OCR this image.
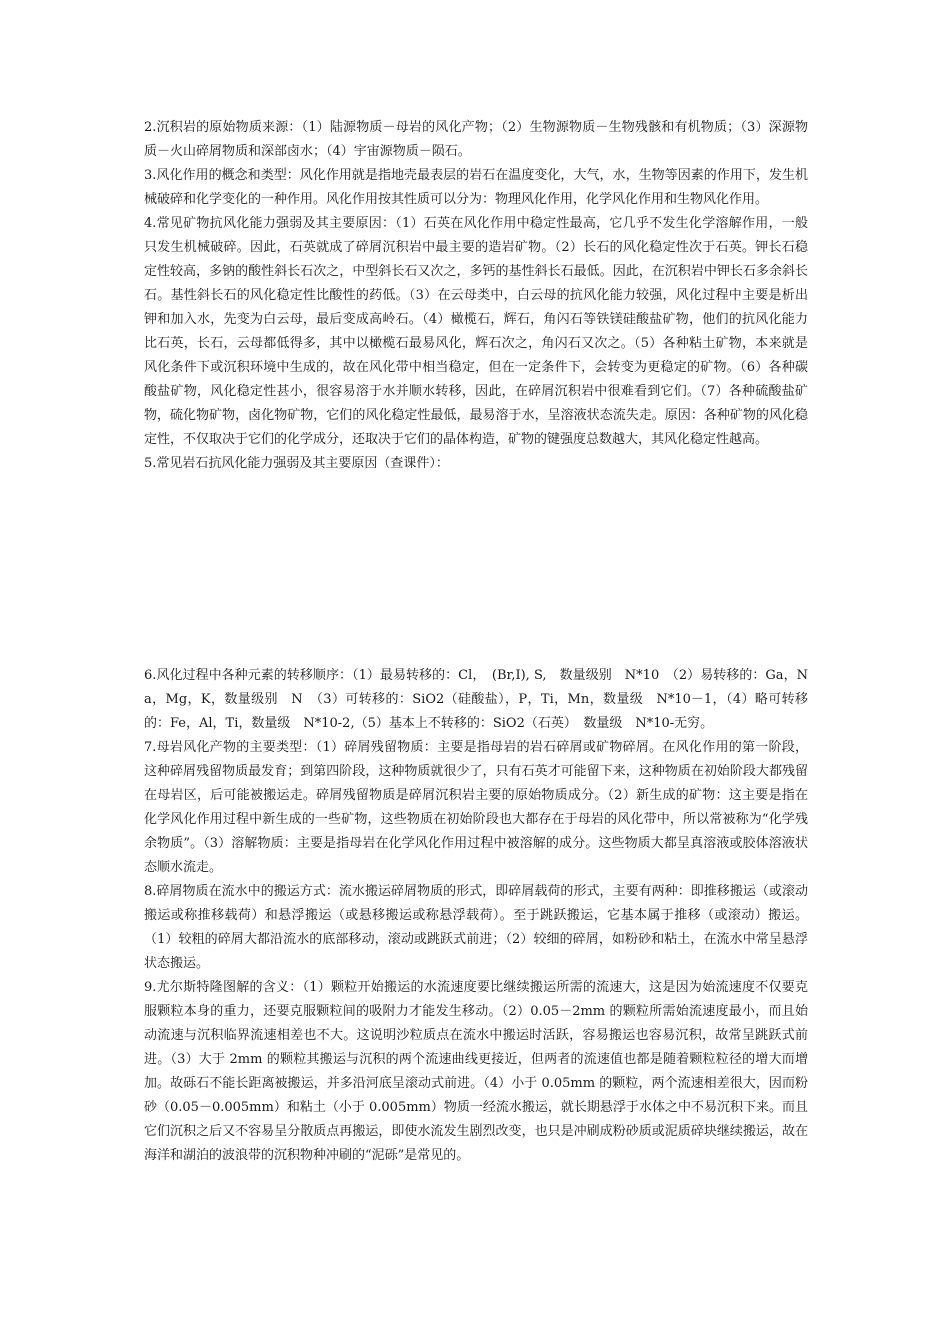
2.沉积岩的原始物质来源：（1）陆源物质－母岩的风化产物；（2）生物源物质－生物残骸和有机物质；（3）深源物质－火山碎屑物质和深部卤水；（4）宇宙源物质－陨石。

3.风化作用的概念和类型：风化作用就是指地壳最表层的岩石在温度变化，大气，水，生物等因素的作用下，发生机械破碎和化学变化的一种作用。风化作用按其性质可以分为：物理风化作用，化学风化作用和生物风化作用。

4.常见矿物抗风化能力强弱及其主要原因：（1）石英在风化作用中稳定性最高，它几乎不发生化学溶解作用，一般只发生机械破碎。因此，石英就成了碎屑沉积岩中最主要的造岩矿物。（2）长石的风化稳定性次于石英。钾长石稳定性较高，多钠的酸性斜长石次之，中型斜长石又次之，多钙的基性斜长石最低。因此，在沉积岩中钾长石多余斜长石。基性斜长石的风化稳定性比酸性的药低。（3）在云母类中，白云母的抗风化能力较强，风化过程中主要是析出钾和加入水，先变为白云母，最后变成高岭石。（4）橄榄石，辉石，角闪石等铁镁硅酸盐矿物，他们的抗风化能力比石英，长石，云母都低得多，其中以橄榄石最易风化，辉石次之，角闪石又次之。（5）各种粘土矿物，本来就是风化条件下或沉积环境中生成的，故在风化带中相当稳定，但在一定条件下，会转变为更稳定的矿物。（6）各种碳酸盐矿物，风化稳定性甚小，很容易溶于水并顺水转移，因此，在碎屑沉积岩中很难看到它们。（7）各种硫酸盐矿物，硫化物矿物，卤化物矿物，它们的风化稳定性最低，最易溶于水，呈溶液状态流失走。原因：各种矿物的风化稳定性，不仅取决于它们的化学成分，还取决于它们的晶体构造，矿物的键强度总数越大，其风化稳定性越高。

5.常见岩石抗风化能力强弱及其主要原因（查课件）：

6.风化过程中各种元素的转移顺序：（1）最易转移的：Cl，　(Br,I), S,　数量级别　N*10　（2）易转移的：Ga，Na，Mg，K，数量级别　N　（3）可转移的：SiO2（硅酸盐），P，Ti，Mn，数量级　N*10－1，（4）略可转移的：Fe，Al，Ti，数量级　N*10-2,（5）基本上不转移的：SiO2（石英）　数量级　N*10-无穷。

7.母岩风化产物的主要类型：（1）碎屑残留物质：主要是指母岩的岩石碎屑或矿物碎屑。在风化作用的第一阶段，这种碎屑残留物质最发育；到第四阶段，这种物质就很少了，只有石英才可能留下来，这种物质在初始阶段大都残留在母岩区，后可能被搬运走。碎屑残留物质是碎屑沉积岩主要的原始物质成分。（2）新生成的矿物：这主要是指在化学风化作用过程中新生成的一些矿物，这些物质在初始阶段也大都存在于母岩的风化带中，所以常被称为“化学残余物质”。（3）溶解物质：主要是指母岩在化学风化作用过程中被溶解的成分。这些物质大都呈真溶液或胶体溶液状态顺水流走。

8.碎屑物质在流水中的搬运方式：流水搬运碎屑物质的形式，即碎屑载荷的形式，主要有两种：即推移搬运（或滚动搬运或称推移载荷）和悬浮搬运（或悬移搬运或称悬浮载荷）。至于跳跃搬运，它基本属于推移（或滚动）搬运。（1）较粗的碎屑大都沿流水的底部移动，滚动或跳跃式前进；（2）较细的碎屑，如粉砂和粘土，在流水中常呈悬浮状态搬运。

9.尤尔斯特隆图解的含义：（1）颗粒开始搬运的水流速度要比继续搬运所需的流速大，这是因为始流速度不仅要克服颗粒本身的重力，还要克服颗粒间的吸附力才能发生移动。（2）0.05－2mm 的颗粒所需始流速度最小，而且始动流速与沉积临界流速相差也不大。这说明沙粒质点在流水中搬运时活跃，容易搬运也容易沉积，故常呈跳跃式前进。（3）大于 2mm 的颗粒其搬运与沉积的两个流速曲线更接近，但两者的流速值也都是随着颗粒粒径的增大而增加。故砾石不能长距离被搬运，并多沿河底呈滚动式前进。（4）小于 0.05mm 的颗粒，两个流速相差很大，因而粉砂（0.05－0.005mm）和粘土（小于 0.005mm）物质一经流水搬运，就长期悬浮于水体之中不易沉积下来。而且它们沉积之后又不容易呈分散质点再搬运，即使水流发生剧烈改变，也只是冲刷成粉砂质或泥质碎块继续搬运，故在海洋和湖泊的波浪带的沉积物种冲刷的“泥砾”是常见的。
